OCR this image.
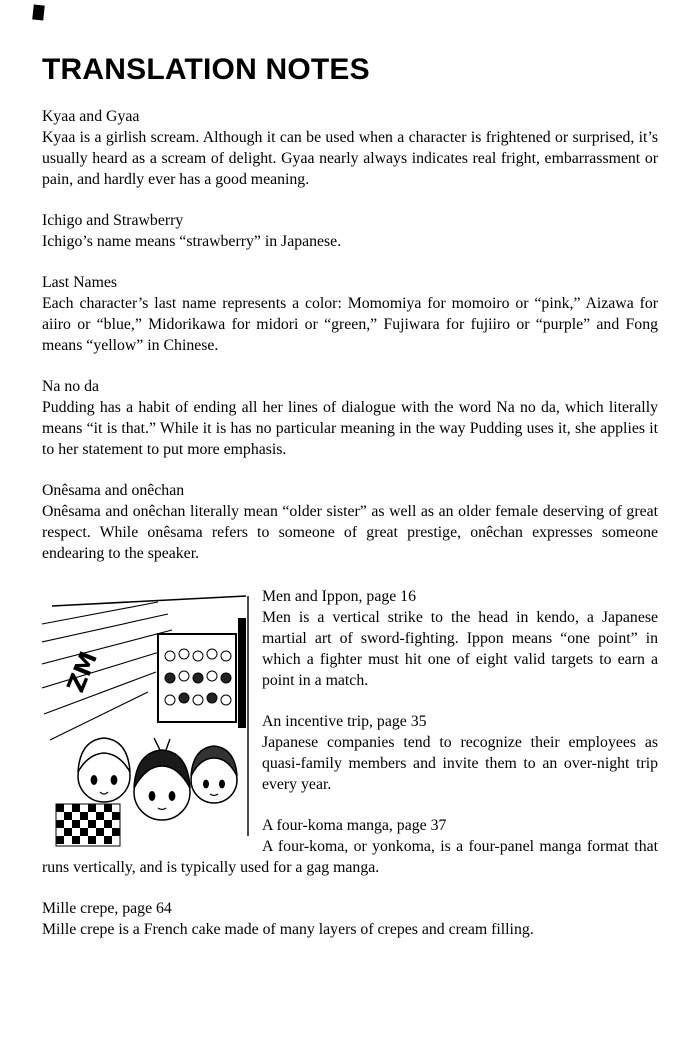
TRANSLATION NOTES

Kyaa and Gyaa

Kyaa is a girlish scream. Although it can be used when a character is frightened or surprised, it’s usually heard as a scream of delight. Gyaa nearly always indicates real fright, embarrassment or pain, and hardly ever has a good meaning.

Ichigo and Strawberry

Ichigo’s name means “strawberry” in Japanese.

Last Names

Each character’s last name represents a color: Momomiya for momoiro or “pink,” Aizawa for aiiro or “blue,” Midorikawa for midori or “green,” Fujiwara for fujiiro or “purple” and Fong means “yellow” in Chinese.

Na no da

Pudding has a habit of ending all her lines of dialogue with the word Na no da, which literally means “it is that.” While it is has no particular meaning in the way Pudding uses it, she applies it to her statement to put more emphasis.

Onêsama and onêchan

Onêsama and onêchan literally mean “older sister” as well as an older female deserving of great respect. While onêsama refers to someone of great prestige, onêchan expresses someone endearing to the speaker.

ZM

Men and Ippon, page 16

Men is a vertical strike to the head in kendo, a Japanese martial art of sword-fighting. Ippon means “one point” in which a fighter must hit one of eight valid targets to earn a point in a match.

An incentive trip, page 35

Japanese companies tend to recognize their employees as quasi-family members and invite them to an over-night trip every year.

A four-koma manga, page 37

A four-koma, or yonkoma, is a four-panel manga format that runs vertically, and is typically used for a gag manga.

Mille crepe, page 64

Mille crepe is a French cake made of many layers of crepes and cream filling.
